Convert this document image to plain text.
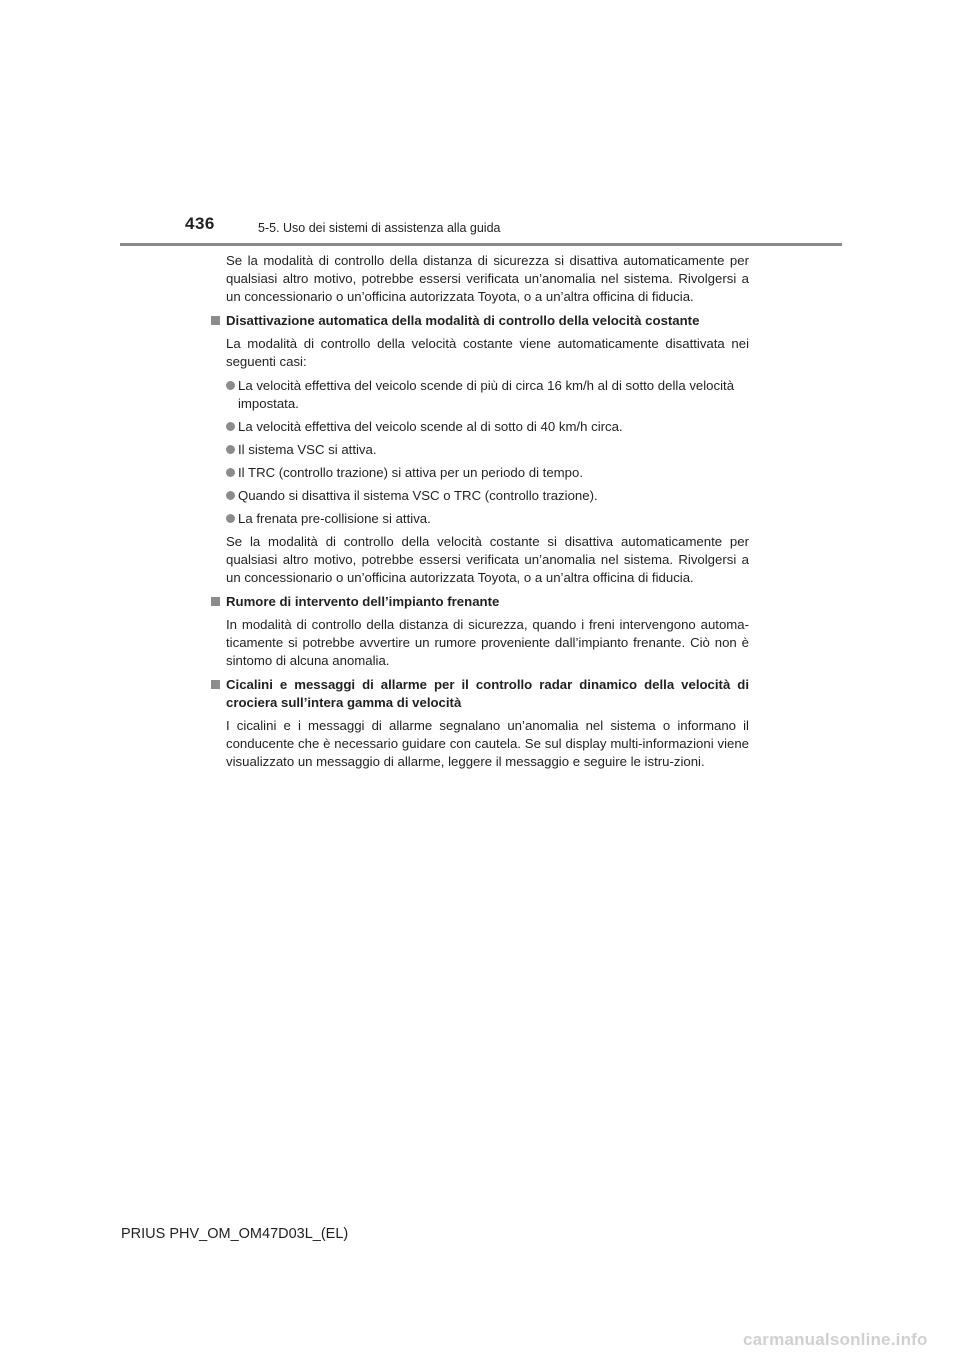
436	5-5. Uso dei sistemi di assistenza alla guida

Se la modalità di controllo della distanza di sicurezza si disattiva automaticamente per qualsiasi altro motivo, potrebbe essersi verificata un’anomalia nel sistema. Rivolgersi a un concessionario o un’officina autorizzata Toyota, o a un’altra officina di fiducia.

Disattivazione automatica della modalità di controllo della velocità costante

La modalità di controllo della velocità costante viene automaticamente disattivata nei seguenti casi:

La velocità effettiva del veicolo scende di più di circa 16 km/h al di sotto della velocità impostata.
La velocità effettiva del veicolo scende al di sotto di 40 km/h circa.
Il sistema VSC si attiva.
Il TRC (controllo trazione) si attiva per un periodo di tempo.
Quando si disattiva il sistema VSC o TRC (controllo trazione).
La frenata pre-collisione si attiva.

Se la modalità di controllo della velocità costante si disattiva automaticamente per qualsiasi altro motivo, potrebbe essersi verificata un’anomalia nel sistema. Rivolgersi a un concessionario o un’officina autorizzata Toyota, o a un’altra officina di fiducia.

Rumore di intervento dell’impianto frenante

In modalità di controllo della distanza di sicurezza, quando i freni intervengono automa-ticamente si potrebbe avvertire un rumore proveniente dall’impianto frenante. Ciò non è sintomo di alcuna anomalia.

Cicalini e messaggi di allarme per il controllo radar dinamico della velocità di crociera sull’intera gamma di velocità

I cicalini e i messaggi di allarme segnalano un’anomalia nel sistema o informano il conducente che è necessario guidare con cautela. Se sul display multi-informazioni viene visualizzato un messaggio di allarme, leggere il messaggio e seguire le istru-zioni.

PRIUS PHV_OM_OM47D03L_(EL)
carmanualsonline.info
